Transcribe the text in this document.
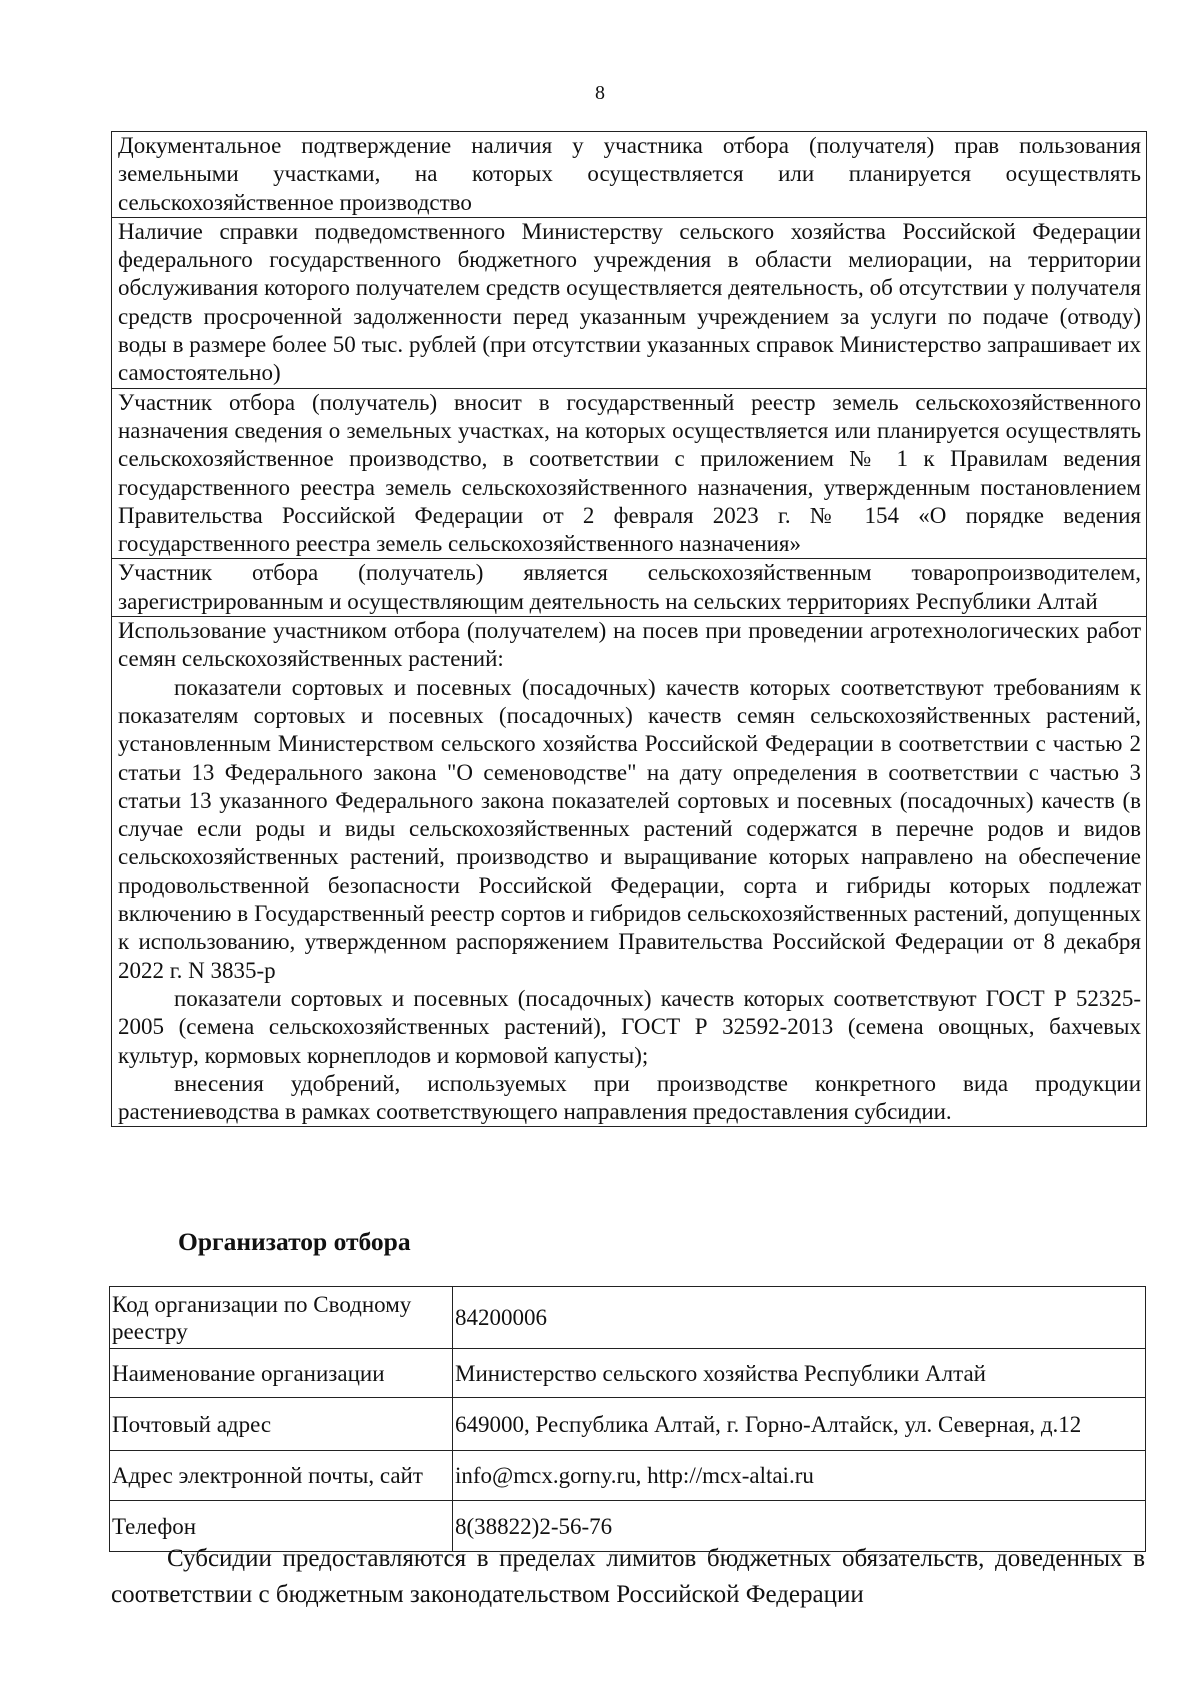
8

Документальное подтверждение наличия у участника отбора (получателя) прав пользования земельными участками, на которых осуществляется или планируется осуществлять сельскохозяйственное производство

Наличие справки подведомственного Министерству сельского хозяйства Российской Федерации федерального государственного бюджетного учреждения в области мелиорации, на территории обслуживания которого получателем средств осуществляется деятельность, об отсутствии у получателя средств просроченной задолженности перед указанным учреждением за услуги по подаче (отводу) воды в размере более 50 тыс. рублей (при отсутствии указанных справок Министерство запрашивает их самостоятельно)

Участник отбора (получатель) вносит в государственный реестр земель сельскохозяйственного назначения сведения о земельных участках, на которых осуществляется или планируется осуществлять сельскохозяйственное производство, в соответствии с приложением № 1 к Правилам ведения государственного реестра земель сельскохозяйственного назначения, утвержденным постановлением Правительства Российской Федерации от 2 февраля 2023 г. № 154 «О порядке ведения государственного реестра земель сельскохозяйственного назначения»

Участник отбора (получатель) является сельскохозяйственным товаропроизводителем, зарегистрированным и осуществляющим деятельность на сельских территориях Республики Алтай

Использование участником отбора (получателем) на посев при проведении агротехнологических работ семян сельскохозяйственных растений:

показатели сортовых и посевных (посадочных) качеств которых соответствуют требованиям к показателям сортовых и посевных (посадочных) качеств семян сельскохозяйственных растений, установленным Министерством сельского хозяйства Российской Федерации в соответствии с частью 2 статьи 13 Федерального закона "О семеноводстве" на дату определения в соответствии с частью 3 статьи 13 указанного Федерального закона показателей сортовых и посевных (посадочных) качеств (в случае если роды и виды сельскохозяйственных растений содержатся в перечне родов и видов сельскохозяйственных растений, производство и выращивание которых направлено на обеспечение продовольственной безопасности Российской Федерации, сорта и гибриды которых подлежат включению в Государственный реестр сортов и гибридов сельскохозяйственных растений, допущенных к использованию, утвержденном распоряжением Правительства Российской Федерации от 8 декабря 2022 г. N 3835-р

показатели сортовых и посевных (посадочных) качеств которых соответствуют ГОСТ Р 52325-2005 (семена сельскохозяйственных растений), ГОСТ Р 32592-2013 (семена овощных, бахчевых культур, кормовых корнеплодов и кормовой капусты);

внесения удобрений, используемых при производстве конкретного вида продукции растениеводства в рамках соответствующего направления предоставления субсидии.

Организатор отбора
Код организации по Сводному реестру	84200006
Наименование организации	Министерство сельского хозяйства Республики Алтай
Почтовый адрес	649000, Республика Алтай, г. Горно-Алтайск, ул. Северная, д.12
Адрес электронной почты, сайт	info@mcx.gorny.ru, http://mcx-altai.ru
Телефон	8(38822)2-56-76

Субсидии предоставляются в пределах лимитов бюджетных обязательств, доведенных в соответствии с бюджетным законодательством Российской Федерации
